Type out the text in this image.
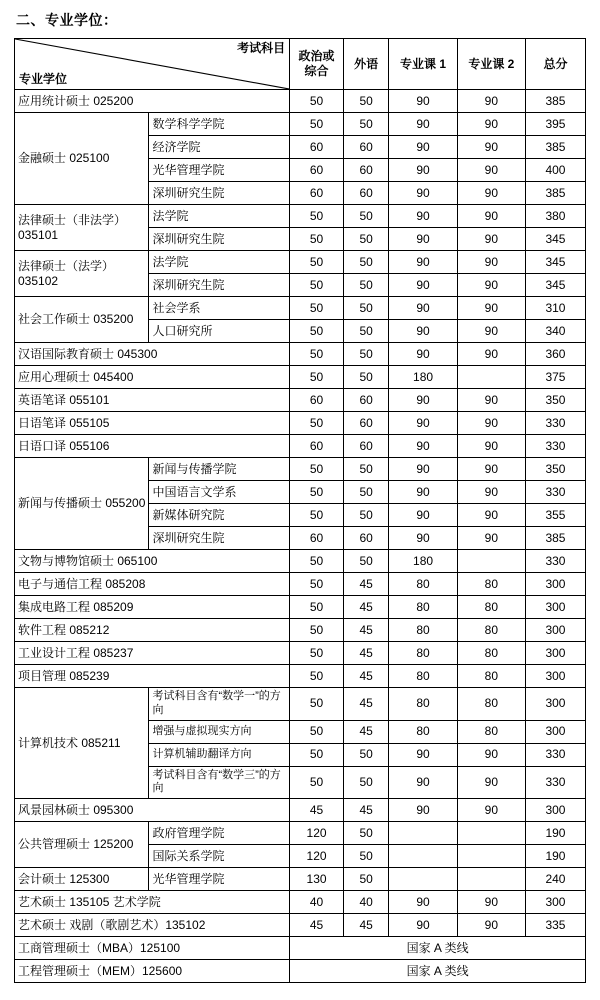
二、专业学位：
考试科目
专业学位		政治或综合	外语	专业课 1	专业课 2	总分
应用统计硕士 025200		50	50	90	90	385
金融硕士 025100	数学科学学院	50	50	90	90	395
	经济学院	60	60	90	90	385
	光华管理学院	60	60	90	90	400
	深圳研究生院	60	60	90	90	385
法律硕士（非法学）035101	法学院	50	50	90	90	380
	深圳研究生院	50	50	90	90	345
法律硕士（法学）035102	法学院	50	50	90	90	345
	深圳研究生院	50	50	90	90	345
社会工作硕士 035200	社会学系	50	50	90	90	310
	人口研究所	50	50	90	90	340
汉语国际教育硕士 045300		50	50	90	90	360
应用心理硕士 045400		50	50	180		375
英语笔译 055101		60	60	90	90	350
日语笔译 055105		50	60	90	90	330
日语口译 055106		60	60	90	90	330
新闻与传播硕士 055200	新闻与传播学院	50	50	90	90	350
	中国语言文学系	50	50	90	90	330
	新媒体研究院	50	50	90	90	355
	深圳研究生院	60	60	90	90	385
文物与博物馆硕士 065100		50	50	180		330
电子与通信工程 085208		50	45	80	80	300
集成电路工程 085209		50	45	80	80	300
软件工程 085212		50	45	80	80	300
工业设计工程 085237		50	45	80	80	300
项目管理 085239		50	45	80	80	300
计算机技术 085211	考试科目含有“数学一”的方向	50	45	80	80	300
	增强与虚拟现实方向	50	45	80	80	300
	计算机辅助翻译方向	50	50	90	90	330
	考试科目含有“数学三”的方向	50	50	90	90	330
风景园林硕士 095300		45	45	90	90	300
公共管理硕士 125200	政府管理学院	120	50			190
	国际关系学院	120	50			190
会计硕士 125300	光华管理学院	130	50			240
艺术硕士 135105 艺术学院		40	40	90	90	300
艺术硕士 戏剧（歌剧艺术）135102		45	45	90	90	335
工商管理硕士（MBA）125100		国家 A 类线				
工程管理硕士（MEM）125600		国家 A 类线				
